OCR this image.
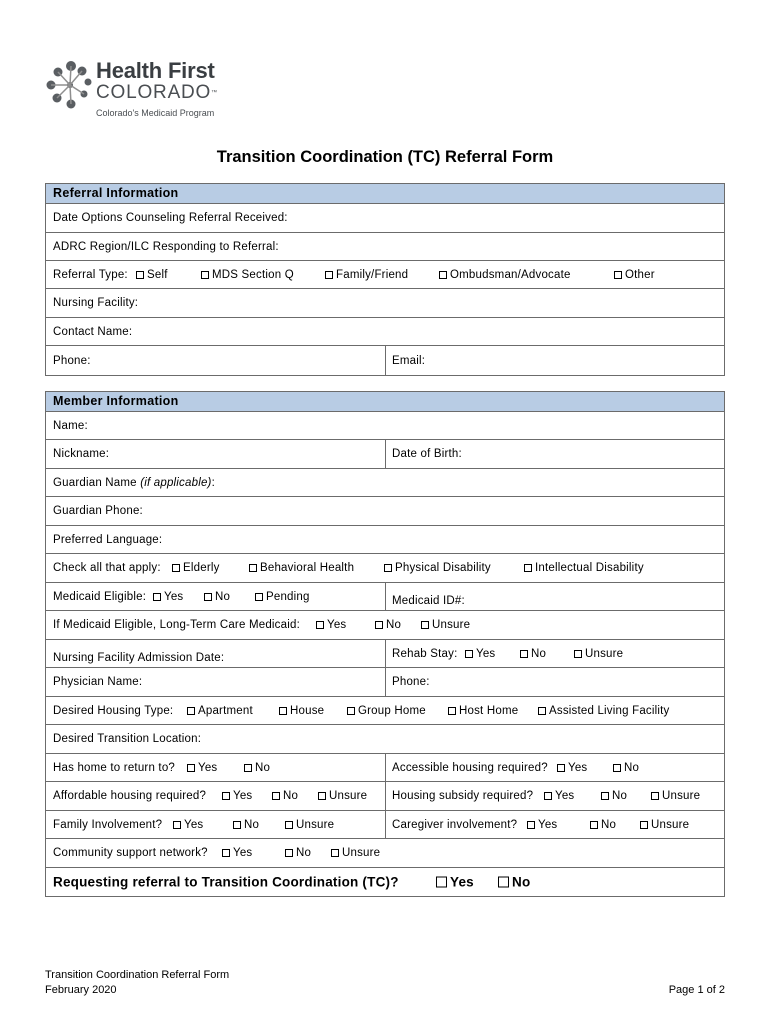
Health First
COLORADO™
Colorado's Medicaid Program
Transition Coordination (TC) Referral Form
Referral Information
Date Options Counseling Referral Received:
ADRC Region/ILC Responding to Referral:
Referral Type:	Self	MDS Section Q	Family/Friend	Ombudsman/Advocate	Other
Nursing Facility:
Contact Name:
Phone:	Email:
Member Information
Name:
Nickname:	Date of Birth:
Guardian Name (if applicable):
Guardian Phone:
Preferred Language:
Check all that apply:	Elderly	Behavioral Health	Physical Disability	Intellectual Disability
Medicaid Eligible:	Yes	No	Pending	Medicaid ID#:
If Medicaid Eligible, Long-Term Care Medicaid:	Yes	No	Unsure
Nursing Facility Admission Date:	Rehab Stay:	Yes	No	Unsure
Physician Name:	Phone:
Desired Housing Type:	Apartment	House	Group Home	Host Home	Assisted Living Facility
Desired Transition Location:
Has home to return to?	Yes	No	Accessible housing required?	Yes	No
Affordable housing required?	Yes	No	Unsure Housing subsidy required?	Yes	No	Unsure
Family Involvement?	Yes	No	Unsure	Caregiver involvement?	Yes	No	Unsure
Community support network?	Yes	No	Unsure
Requesting referral to Transition Coordination (TC)?	Yes	No
Transition Coordination Referral Form
February 2020	Page 1 of 2
